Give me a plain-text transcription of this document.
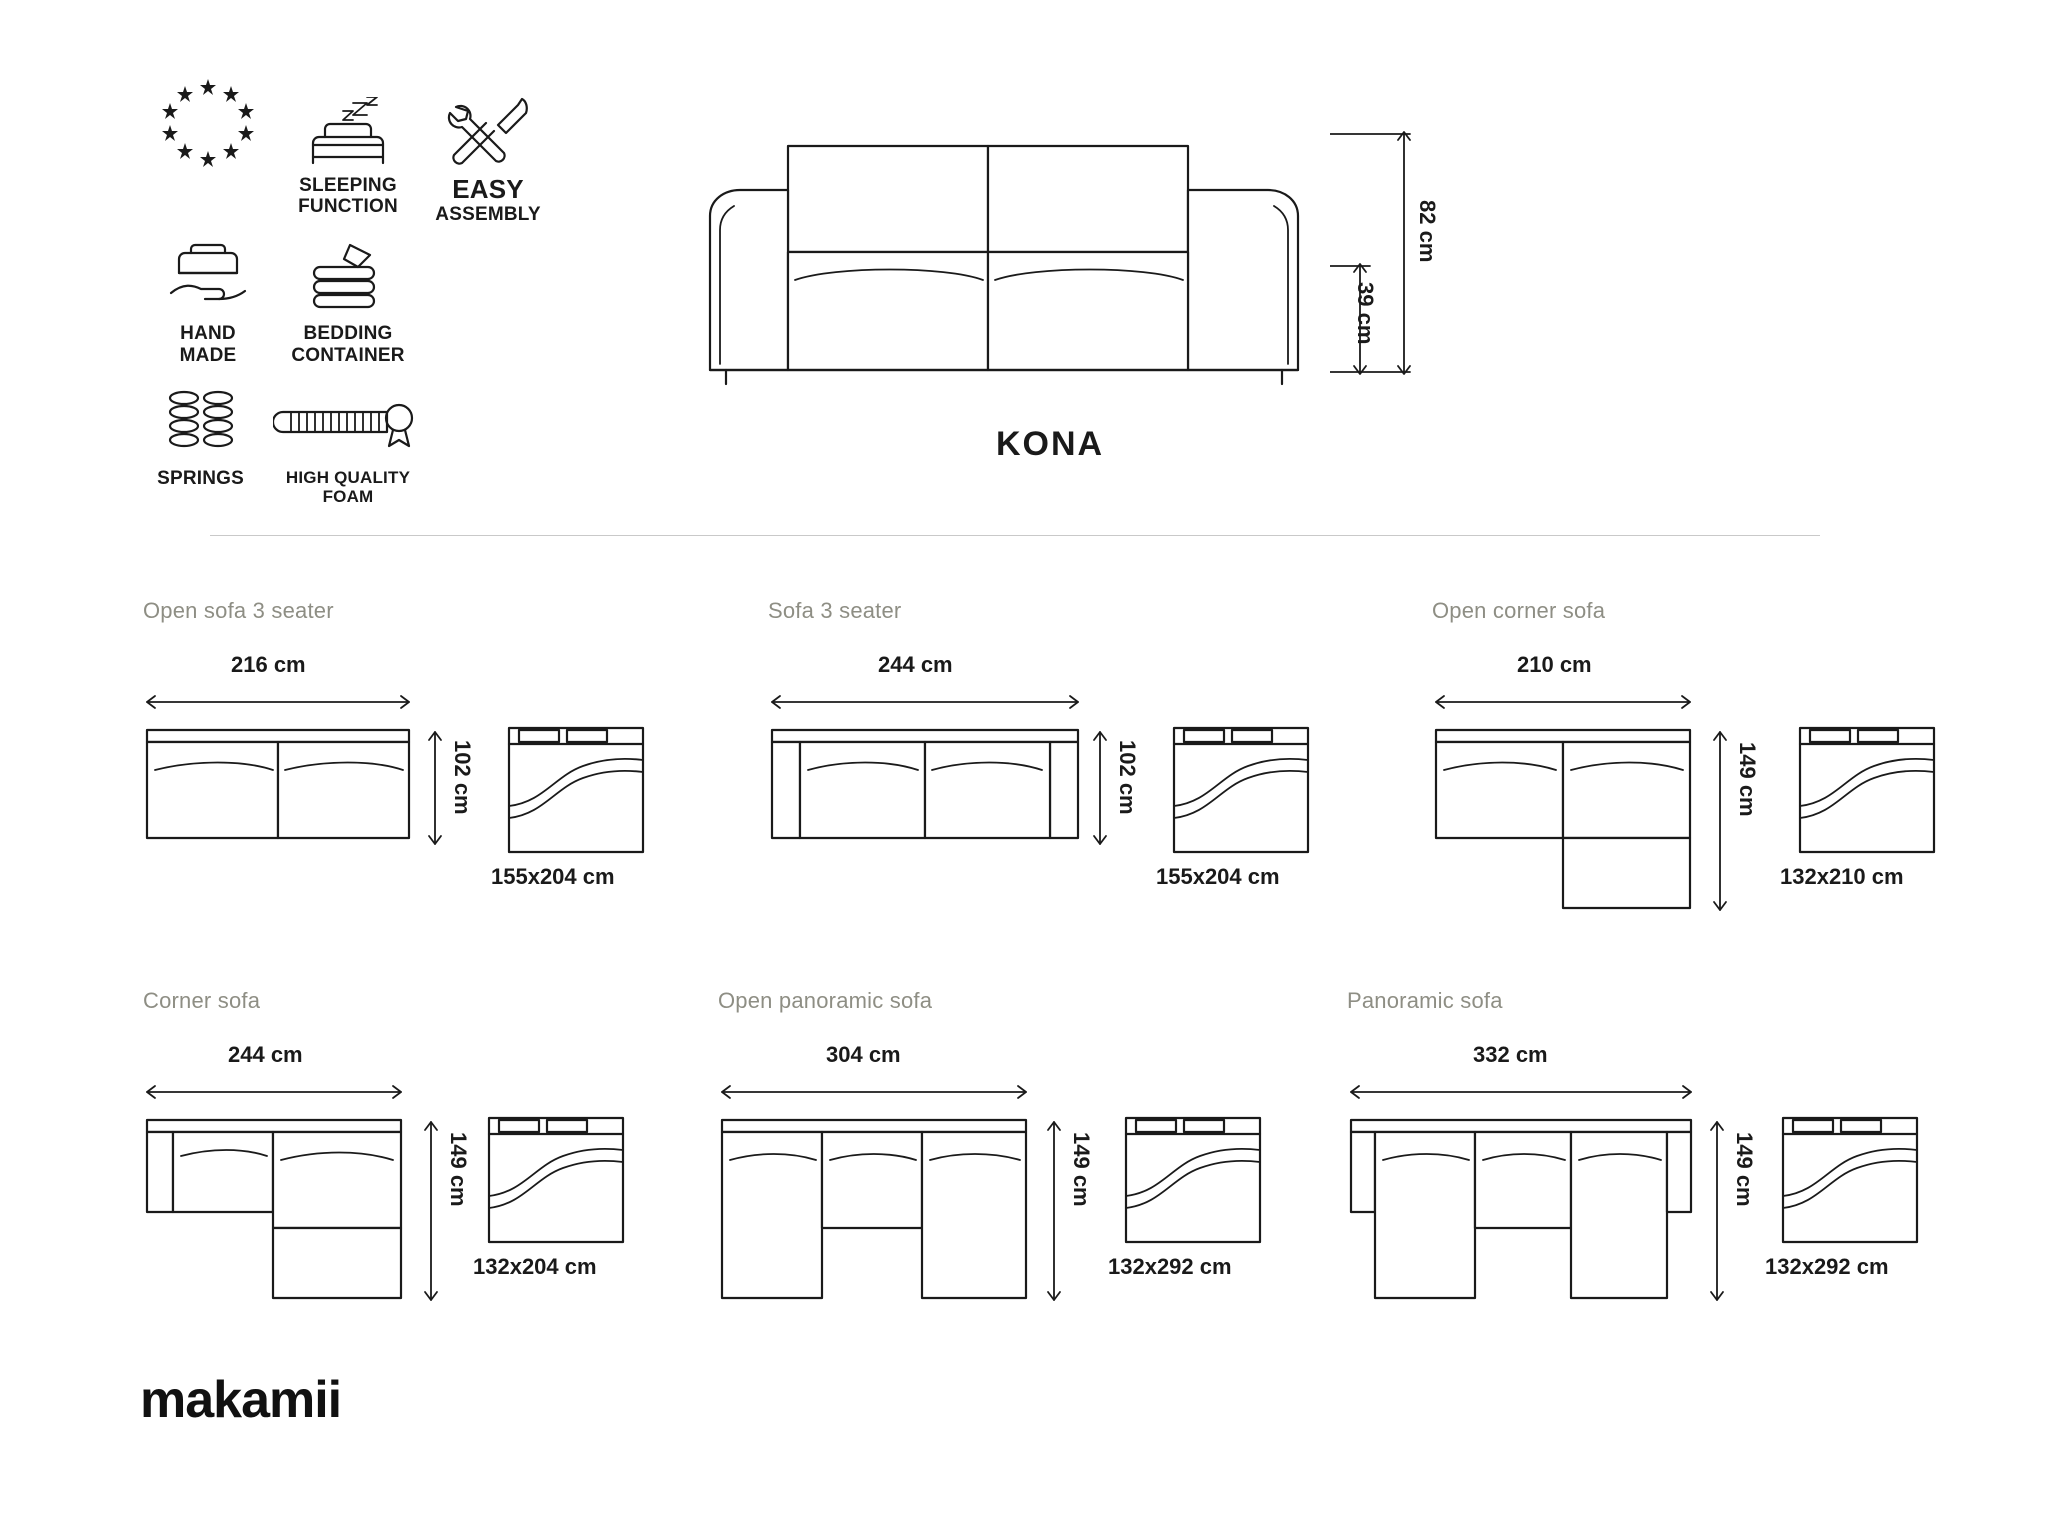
SLEEPING
FUNCTION
EASY
ASSEMBLY
HAND
MADE
BEDDING
CONTAINER
SPRINGS	HIGH QUALITY
FOAM
82 cm
39 cm
KONA
Open sofa 3 seater
216 cm
102 cm
155x204 cm
Sofa 3 seater
244 cm
102 cm
155x204 cm
Open corner sofa
210 cm
149 cm
132x210 cm
Corner sofa
244 cm
149 cm
132x204 cm
Open panoramic sofa
304 cm
149 cm
132x292 cm
Panoramic sofa
332 cm
149 cm
132x292 cm
makamii
